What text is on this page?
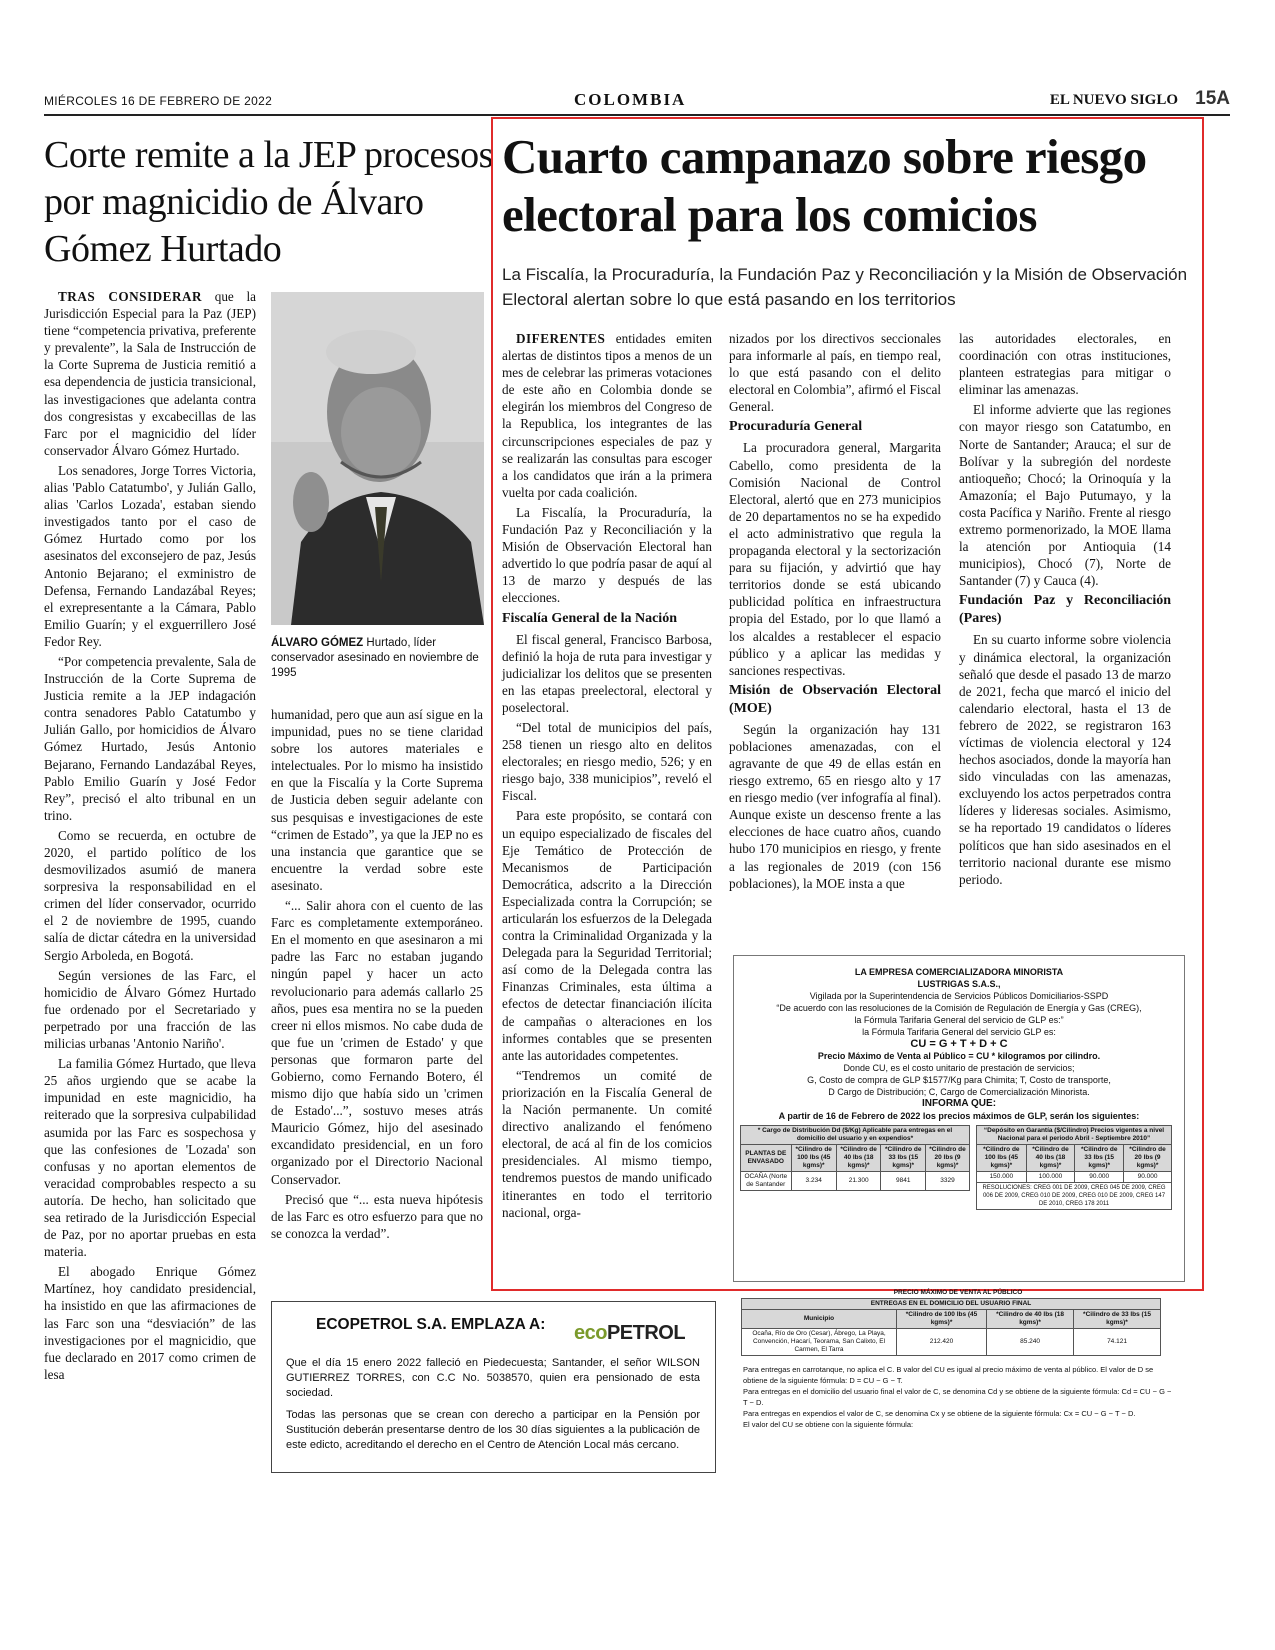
MIÉRCOLES 16 DE FEBRERO DE 2022	COLOMBIA	EL NUEVO SIGLO 15A
Corte remite a la JEP procesos por magnicidio de Álvaro Gómez Hurtado

TRAS CONSIDERAR que la Jurisdicción Especial para la Paz (JEP) tiene “competencia privativa, preferente y prevalente”, la Sala de Instrucción de la Corte Suprema de Justicia remitió a esa dependencia de justicia transicional, las investigaciones que adelanta contra dos congresistas y excabecillas de las Farc por el magnicidio del líder conservador Álvaro Gómez Hurtado.

Los senadores, Jorge Torres Victoria, alias 'Pablo Catatumbo', y Julián Gallo, alias 'Carlos Lozada', estaban siendo investigados tanto por el caso de Gómez Hurtado como por los asesinatos del exconsejero de paz, Jesús Antonio Bejarano; el exministro de Defensa, Fernando Landazábal Reyes; el exrepresentante a la Cámara, Pablo Emilio Guarín; y el exguerrillero José Fedor Rey.

“Por competencia prevalente, Sala de Instrucción de la Corte Suprema de Justicia remite a la JEP indagación contra senadores Pablo Catatumbo y Julián Gallo, por homicidios de Álvaro Gómez Hurtado, Jesús Antonio Bejarano, Fernando Landazábal Reyes, Pablo Emilio Guarín y José Fedor Rey”, precisó el alto tribunal en un trino.

Como se recuerda, en octubre de 2020, el partido político de los desmovilizados asumió de manera sorpresiva la responsabilidad en el crimen del líder conservador, ocurrido el 2 de noviembre de 1995, cuando salía de dictar cátedra en la universidad Sergio Arboleda, en Bogotá.

Según versiones de las Farc, el homicidio de Álvaro Gómez Hurtado fue ordenado por el Secretariado y perpetrado por una fracción de las milicias urbanas 'Antonio Nariño'.

La familia Gómez Hurtado, que lleva 25 años urgiendo que se acabe la impunidad en este magnicidio, ha reiterado que la sorpresiva culpabilidad asumida por las Farc es sospechosa y que las confesiones de 'Lozada' son confusas y no aportan elementos de veracidad comprobables respecto a su autoría. De hecho, han solicitado que sea retirado de la Jurisdicción Especial de Paz, por no aportar pruebas en esta materia.

El abogado Enrique Gómez Martínez, hoy candidato presidencial, ha insistido en que las afirmaciones de las Farc son una “desviación” de las investigaciones por el magnicidio, que fue declarado en 2017 como crimen de lesa

ÁLVARO GÓMEZ Hurtado, líder conservador asesinado en noviembre de 1995

humanidad, pero que aun así sigue en la impunidad, pues no se tiene claridad sobre los autores materiales e intelectuales. Por lo mismo ha insistido en que la Fiscalía y la Corte Suprema de Justicia deben seguir adelante con sus pesquisas e investigaciones de este “crimen de Estado”, ya que la JEP no es una instancia que garantice que se encuentre la verdad sobre este asesinato.

“... Salir ahora con el cuento de las Farc es completamente extemporáneo. En el momento en que asesinaron a mi padre las Farc no estaban jugando ningún papel y hacer un acto revolucionario para además callarlo 25 años, pues esa mentira no se la pueden creer ni ellos mismos. No cabe duda de que fue un 'crimen de Estado' y que personas que formaron parte del Gobierno, como Fernando Botero, él mismo dijo que había sido un 'crimen de Estado'...”, sostuvo meses atrás Mauricio Gómez, hijo del asesinado excandidato presidencial, en un foro organizado por el Directorio Nacional Conservador.

Precisó que “... esta nueva hipótesis de las Farc es otro esfuerzo para que no se conozca la verdad”.

Cuarto campanazo sobre riesgo electoral para los comicios
La Fiscalía, la Procuraduría, la Fundación Paz y Reconciliación y la Misión de Observación Electoral alertan sobre lo que está pasando en los territorios

DIFERENTES entidades emiten alertas de distintos tipos a menos de un mes de celebrar las primeras votaciones de este año en Colombia donde se elegirán los miembros del Congreso de la Republica, los integrantes de las circunscripciones especiales de paz y se realizarán las consultas para escoger a los candidatos que irán a la primera vuelta por cada coalición.

La Fiscalía, la Procuraduría, la Fundación Paz y Reconciliación y la Misión de Observación Electoral han advertido lo que podría pasar de aquí al 13 de marzo y después de las elecciones.

Fiscalía General de la Nación

El fiscal general, Francisco Barbosa, definió la hoja de ruta para investigar y judicializar los delitos que se presenten en las etapas preelectoral, electoral y poselectoral.

“Del total de municipios del país, 258 tienen un riesgo alto en delitos electorales; en riesgo medio, 526; y en riesgo bajo, 338 municipios”, reveló el Fiscal.

Para este propósito, se contará con un equipo especializado de fiscales del Eje Temático de Protección de Mecanismos de Participación Democrática, adscrito a la Dirección Especializada contra la Corrupción; se articularán los esfuerzos de la Delegada contra la Criminalidad Organizada y la Delegada para la Seguridad Territorial; así como de la Delegada contra las Finanzas Criminales, esta última a efectos de detectar financiación ilícita de campañas o alteraciones en los informes contables que se presenten ante las autoridades competentes.

“Tendremos un comité de priorización en la Fiscalía General de la Nación permanente. Un comité directivo analizando el fenómeno electoral, de acá al fin de los comicios presidenciales. Al mismo tiempo, tendremos puestos de mando unificado itinerantes en todo el territorio nacional, orga-

nizados por los directivos seccionales para informarle al país, en tiempo real, lo que está pasando con el delito electoral en Colombia”, afirmó el Fiscal General.

Procuraduría General

La procuradora general, Margarita Cabello, como presidenta de la Comisión Nacional de Control Electoral, alertó que en 273 municipios de 20 departamentos no se ha expedido el acto administrativo que regula la propaganda electoral y la sectorización para su fijación, y advirtió que hay territorios donde se está ubicando publicidad política en infraestructura propia del Estado, por lo que llamó a los alcaldes a restablecer el espacio público y a aplicar las medidas y sanciones respectivas.

Misión de Observación Electoral (MOE)

Según la organización hay 131 poblaciones amenazadas, con el agravante de que 49 de ellas están en riesgo extremo, 65 en riesgo alto y 17 en riesgo medio (ver infografía al final). Aunque existe un descenso frente a las elecciones de hace cuatro años, cuando hubo 170 municipios en riesgo, y frente a las regionales de 2019 (con 156 poblaciones), la MOE insta a que

las autoridades electorales, en coordinación con otras instituciones, planteen estrategias para mitigar o eliminar las amenazas.

El informe advierte que las regiones con mayor riesgo son Catatumbo, en Norte de Santander; Arauca; el sur de Bolívar y la subregión del nordeste antioqueño; Chocó; la Orinoquía y la Amazonía; el Bajo Putumayo, y la costa Pacífica y Nariño. Frente al riesgo extremo pormenorizado, la MOE llama la atención por Antioquia (14 municipios), Chocó (7), Norte de Santander (7) y Cauca (4).

Fundación Paz y Reconciliación (Pares)

En su cuarto informe sobre violencia y dinámica electoral, la organización señaló que desde el pasado 13 de marzo de 2021, fecha que marcó el inicio del calendario electoral, hasta el 13 de febrero de 2022, se registraron 163 víctimas de violencia electoral y 124 hechos asociados, donde la mayoría han sido vinculadas con las amenazas, excluyendo los actos perpetrados contra líderes y lideresas sociales. Asimismo, se ha reportado 19 candidatos o líderes políticos que han sido asesinados en el territorio nacional durante ese mismo periodo.

LA EMPRESA COMERCIALIZADORA MINORISTA
LUSTRIGAS S.A.S.,
Vigilada por la Superintendencia de Servicios Públicos Domiciliarios-SSPD
“De acuerdo con las resoluciones de la Comisión de Regulación de Energía y Gas (CREG), la Fórmula Tarifaria General del servicio de GLP es:”
la Fórmula Tarifaria General del servicio GLP es:
CU = G + T + D + C
Precio Máximo de Venta al Público = CU * kilogramos por cilindro.
Donde CU, es el costo unitario de prestación de servicios;
G, Costo de compra de GLP $1577/Kg para Chimita; T, Costo de transporte,
D Cargo de Distribución; C, Cargo de Comercialización Minorista.
INFORMA QUE:
A partir de 16 de Febrero de 2022 los precios máximos de GLP, serán los siguientes:
* Cargo de Distribución Dd ($/Kg) Aplicable para entregas en el domicilio del usuario y en expendios*				
PLANTAS DE ENVASADO	*Cilindro de 100 lbs (45 kgms)*	*Cilindro de 40 lbs (18 kgms)*	*Cilindro de 33 lbs (15 kgms)*	*Cilindro de 20 lbs (9 kgms)*
OCAÑA (Norte de Santander	3.234	21.300	9841	3329
“Depósito en Garantía ($/Cilindro) Precios vigentes a nivel Nacional para el periodo Abril - Septiembre 2010”			
*Cilindro de 100 lbs (45 kgms)*	*Cilindro de 40 lbs (18 kgms)*	*Cilindro de 33 lbs (15 kgms)*	*Cilindro de 20 lbs (9 kgms)*
150.000	100.000	90.000	90.000
RESOLUCIONES: CREG 001 DE 2009, CREG 045 DE 2009, CREG 006 DE 2009, CREG 010 DE 2009, CREG 010 DE 2009, CREG 147 DE 2010, CREG 178 2011			
PRECIO MÁXIMO DE VENTA AL PÚBLICO
ENTREGAS EN EL DOMICILIO DEL USUARIO FINAL			
Municipio	*Cilindro de 100 lbs (45 kgms)*	*Cilindro de 40 lbs (18 kgms)*	*Cilindro de 33 lbs (15 kgms)*
Ocaña, Río de Oro (Cesar), Ábrego, La Playa, Convención, Hacarí, Teorama, San Calixto, El Carmen, El Tarra	212.420	85.240	74.121
Para entregas en carrotanque, no aplica el C. B valor del CU es igual al precio máximo de venta al público. El valor de D se obtiene de la siguiente fórmula: D = CU − G − T.
Para entregas en el domicilio del usuario final el valor de C, se denomina Cd y se obtiene de la siguiente fórmula: Cd = CU − G − T − D.
Para entregas en expendios el valor de C, se denomina Cx y se obtiene de la siguiente fórmula: Cx = CU − G − T − D.
El valor del CU se obtiene con la siguiente fórmula:
ECOPETROL S.A. EMPLAZA A: ecoPETROL
Que el día 15 enero 2022 falleció en Piedecuesta; Santander, el señor WILSON GUTIERREZ TORRES, con C.C No. 5038570, quien era pensionado de esta sociedad.
Todas las personas que se crean con derecho a participar en la Pensión por Sustitución deberán presentarse dentro de los 30 días siguientes a la publicación de este edicto, acreditando el derecho en el Centro de Atención Local más cercano.
